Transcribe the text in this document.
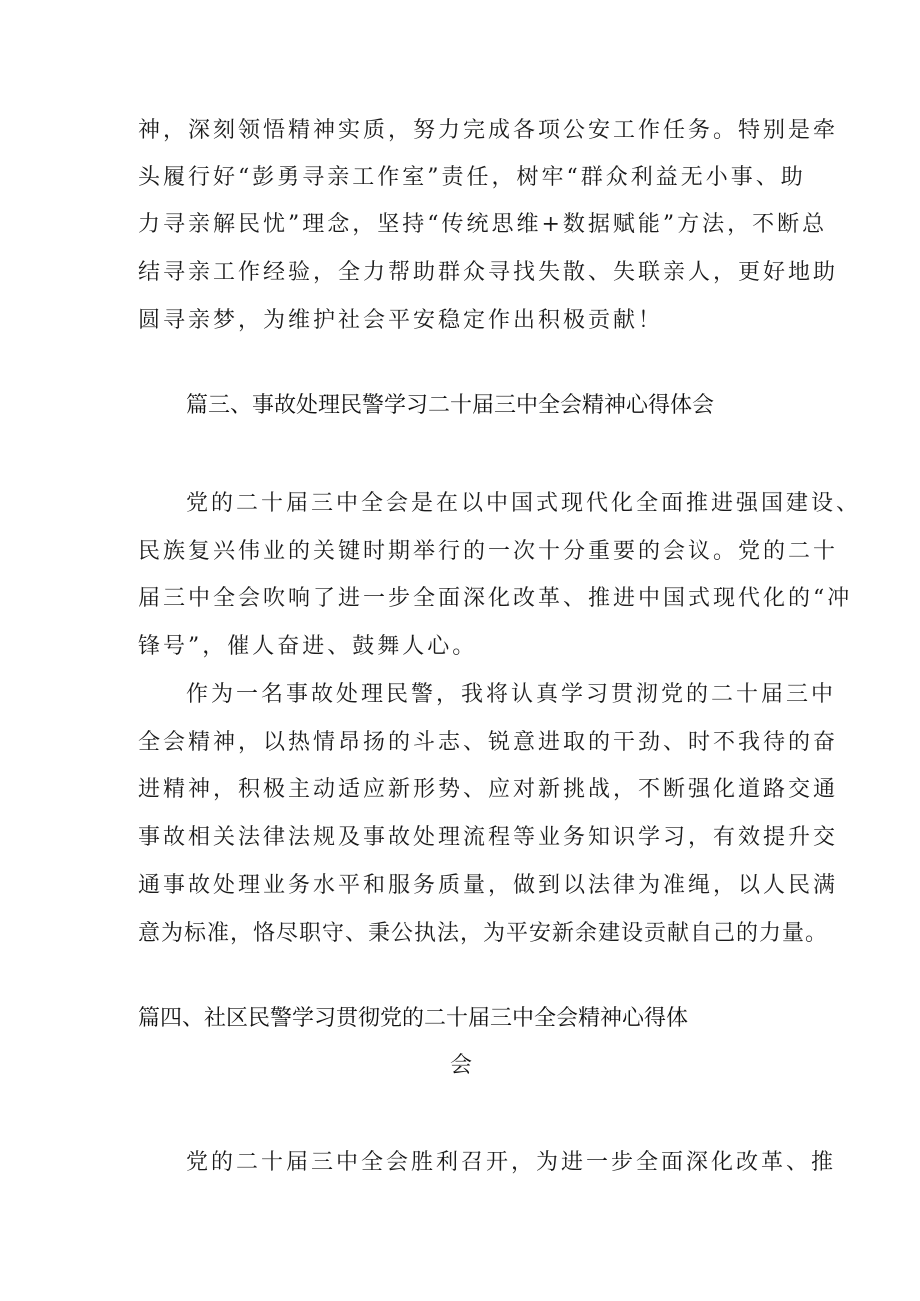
神，深刻领悟精神实质，努力完成各项公安工作任务。特别是牵
头履行好“彭勇寻亲工作室”责任，树牢“群众利益无小事、助
力寻亲解民忧”理念，坚持“传统思维+数据赋能”方法，不断总
结寻亲工作经验，全力帮助群众寻找失散、失联亲人，更好地助
圆寻亲梦，为维护社会平安稳定作出积极贡献！
篇三、事故处理民警学习二十届三中全会精神心得体会
党的二十届三中全会是在以中国式现代化全面推进强国建设、
民族复兴伟业的关键时期举行的一次十分重要的会议。党的二十
届三中全会吹响了进一步全面深化改革、推进中国式现代化的“冲
锋号”，催人奋进、鼓舞人心。
作为一名事故处理民警，我将认真学习贯沏党的二十届三中
全会精神，以热情昂扬的斗志、锐意进取的干劲、时不我待的奋
进精神，积极主动适应新形势、应对新挑战，不断强化道路交通
事故相关法律法规及事故处理流程等业务知识学习，有效提升交
通事故处理业务水平和服务质量，做到以法律为准绳，以人民满
意为标准，恪尽职守、秉公执法，为平安新余建设贡献自己的力量。
篇四、社区民警学习贯彻党的二十届三中全会精神心得体
会
党的二十届三中全会胜利召开，为进一步全面深化改革、推
